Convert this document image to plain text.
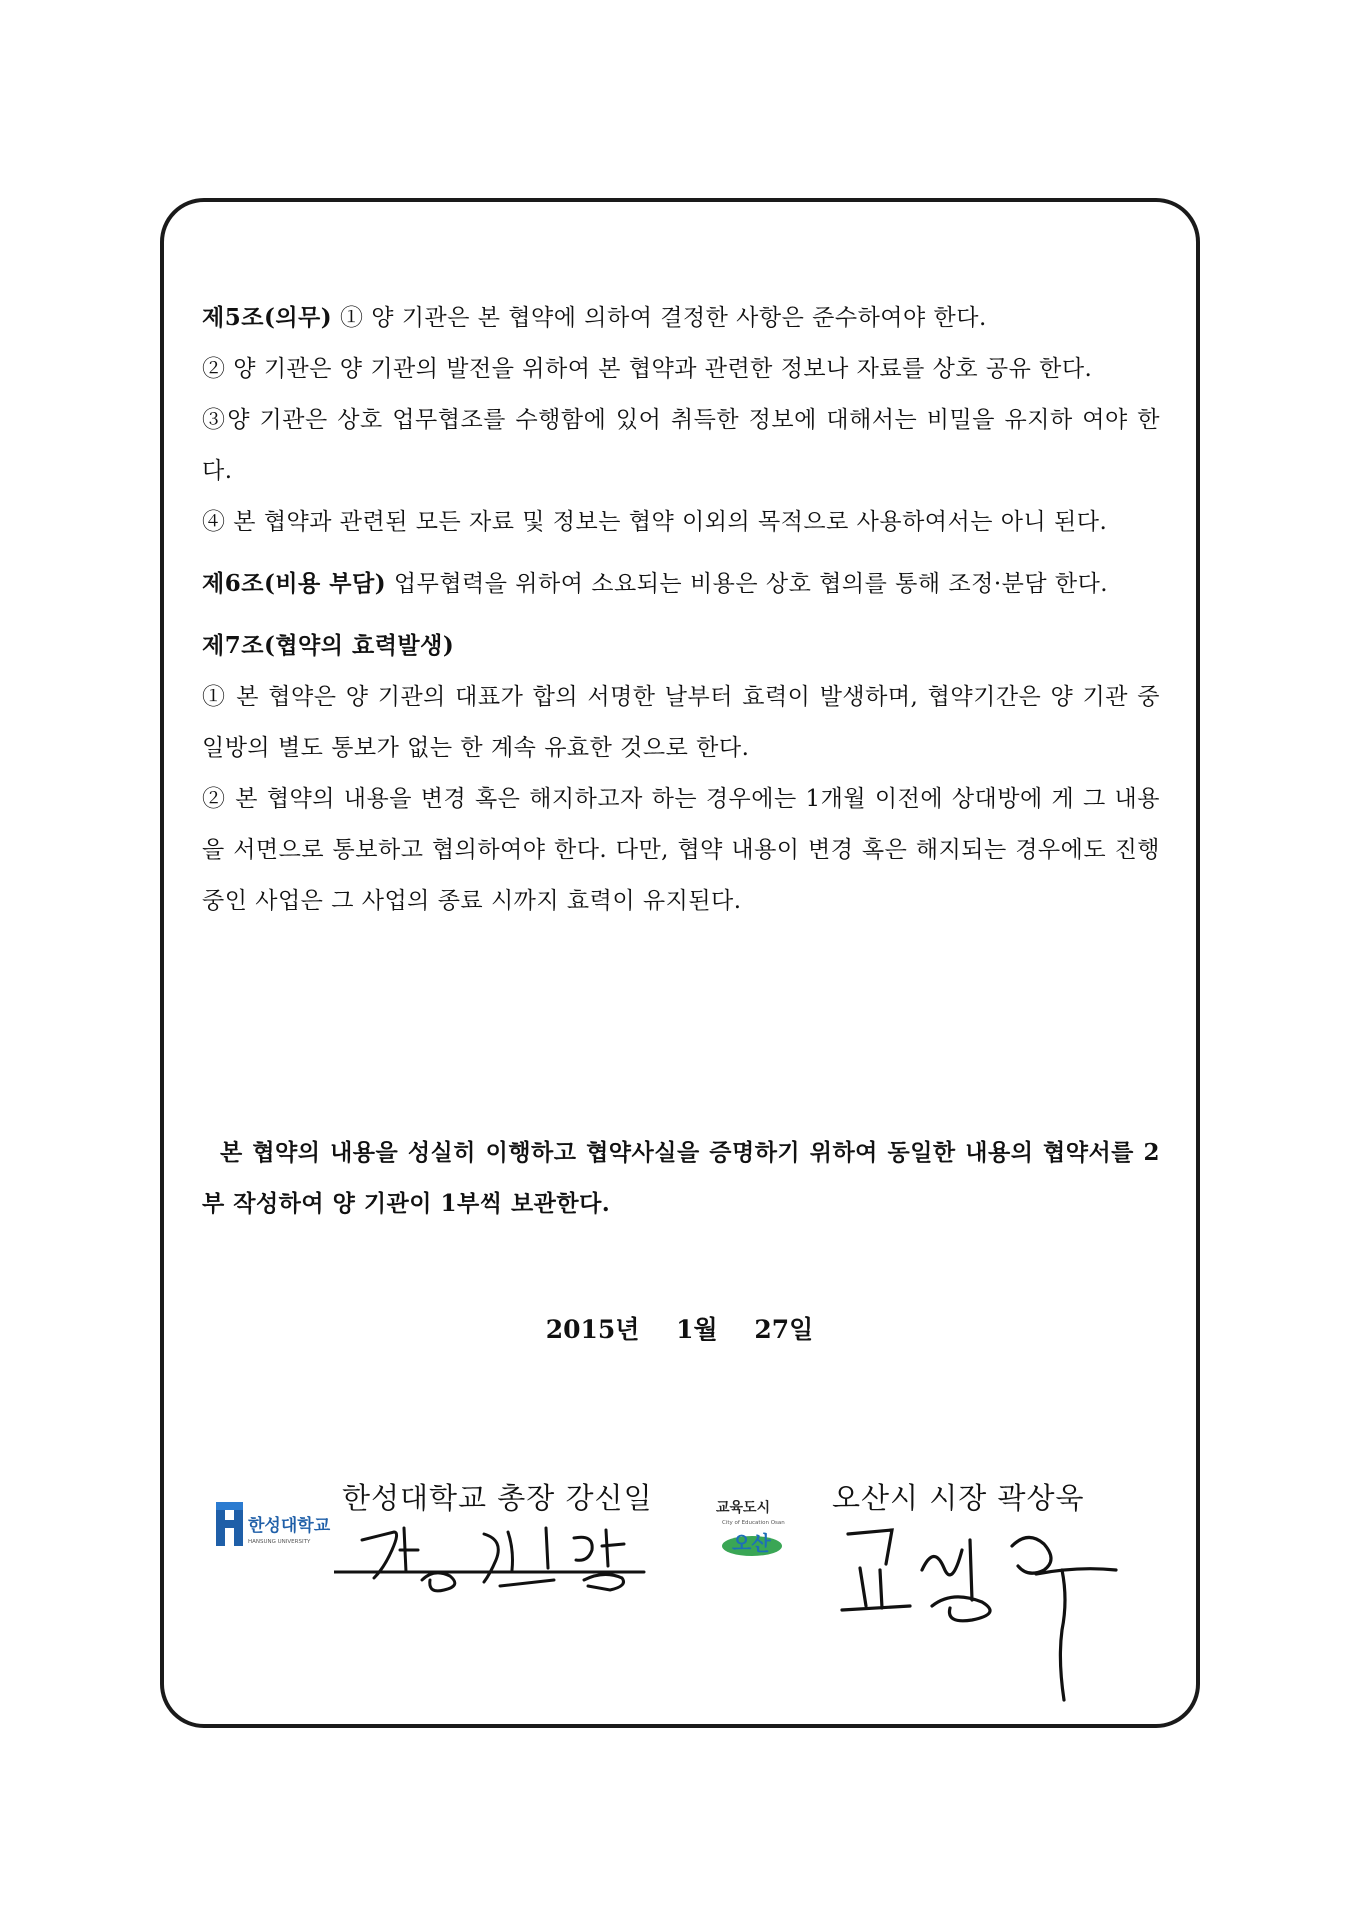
제5조(의무) ① 양 기관은 본 협약에 의하여 결정한 사항은 준수하여야 한다.

② 양 기관은 양 기관의 발전을 위하여 본 협약과 관련한 정보나 자료를 상호 공유 한다.

③양 기관은 상호 업무협조를 수행함에 있어 취득한 정보에 대해서는 비밀을 유지하 여야 한다.

④ 본 협약과 관련된 모든 자료 및 정보는 협약 이외의 목적으로 사용하여서는 아니 된다.

제6조(비용 부담) 업무협력을 위하여 소요되는 비용은 상호 협의를 통해 조정·분담 한다.

제7조(협약의 효력발생)

① 본 협약은 양 기관의 대표가 합의 서명한 날부터 효력이 발생하며, 협약기간은 양 기관 중 일방의 별도 통보가 없는 한 계속 유효한 것으로 한다.

② 본 협약의 내용을 변경 혹은 해지하고자 하는 경우에는 1개월 이전에 상대방에 게 그 내용을 서면으로 통보하고 협의하여야 한다. 다만, 협약 내용이 변경 혹은 해지되는 경우에도 진행 중인 사업은 그 사업의 종료 시까지 효력이 유지된다.

본 협약의 내용을 성실히 이행하고 협약사실을 증명하기 위하여 동일한 내용의 협약서를 2부 작성하여 양 기관이 1부씩 보관한다.

2015년 1월 27일
한성대학교
HANSUNG UNIVERSITY
한성대학교 총장 강신일	교육도시
City of Education Osan
오산
오산시 시장 곽상욱
